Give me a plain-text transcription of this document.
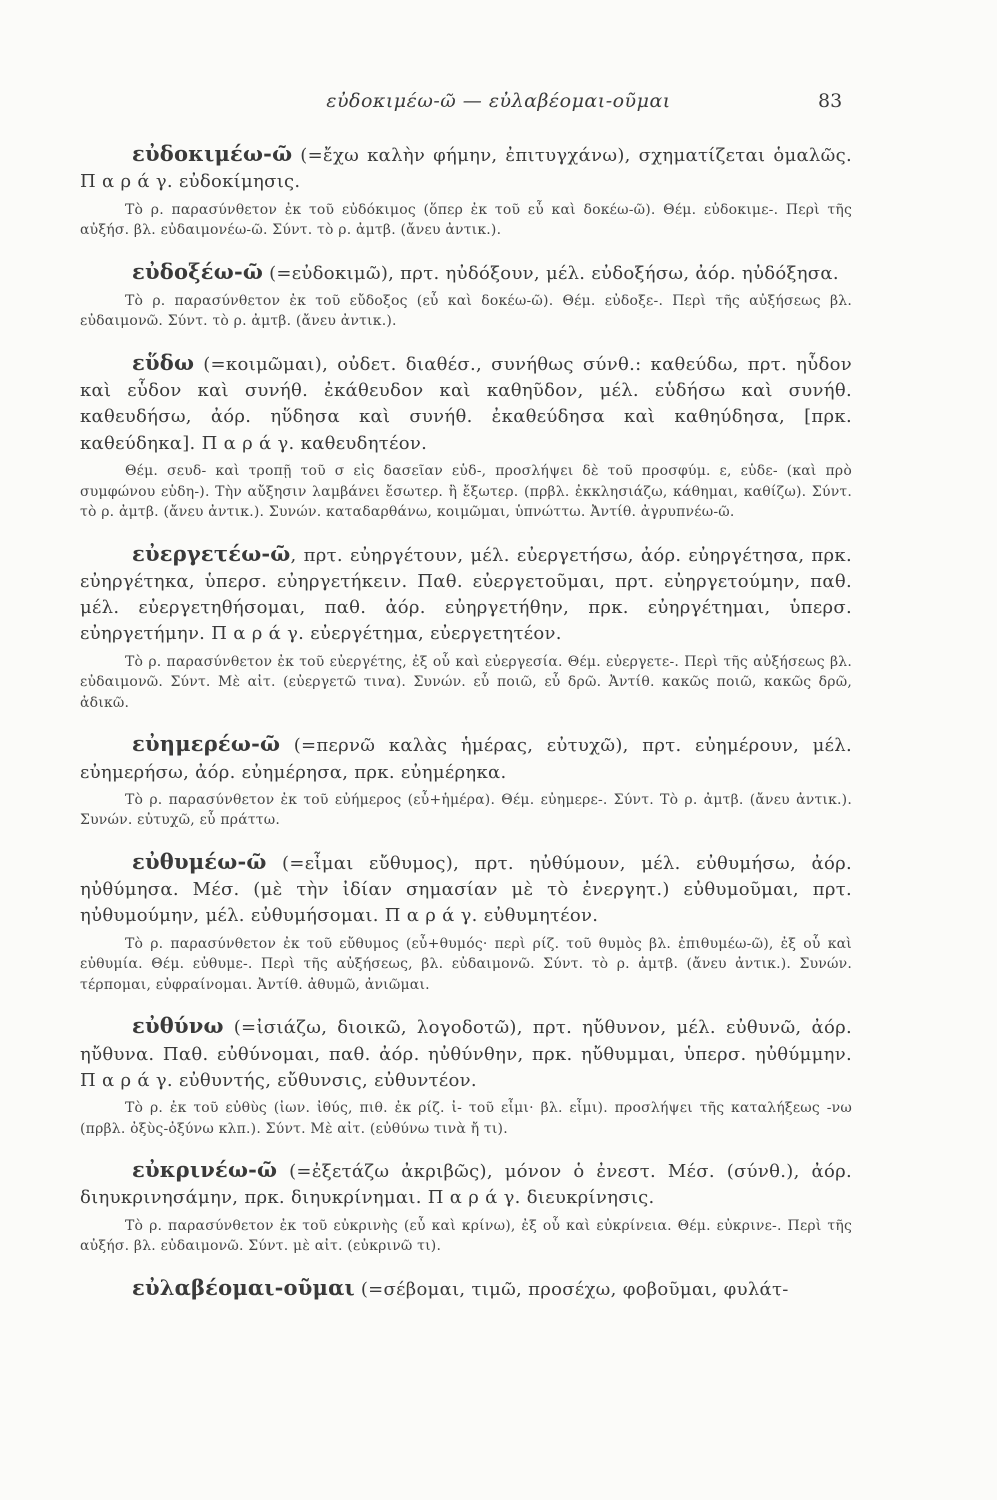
εὐδοκιμέω-ῶ — εὐλαβέομαι-οῦμαι	83

εὐδοκιμέω-ῶ (=ἔχω καλὴν φήμην, ἐπιτυγχάνω), σχηματίζεται ὁμαλῶς. Π α ρ ά γ. εὐδοκίμησις.

Τὸ ρ. παρασύνθετον ἐκ τοῦ εὐδόκιμος (ὅπερ ἐκ τοῦ εὖ καὶ δοκέω-ῶ). Θέμ. εὐδοκιμε-. Περὶ τῆς αὐξήσ. βλ. εὐδαιμονέω-ῶ. Σύντ. τὸ ρ. ἀμτβ. (ἄνευ ἀντικ.).

εὐδοξέω-ῶ (=εὐδοκιμῶ), πρτ. ηὐδόξουν, μέλ. εὐδοξήσω, ἀόρ. ηὐδόξησα.

Τὸ ρ. παρασύνθετον ἐκ τοῦ εὔδοξος (εὖ καὶ δοκέω-ῶ). Θέμ. εὐδοξε-. Περὶ τῆς αὐξήσεως βλ. εὐδαιμονῶ. Σύντ. τὸ ρ. ἀμτβ. (ἄνευ ἀντικ.).

εὕδω (=κοιμῶμαι), οὐδετ. διαθέσ., συνήθως σύνθ.: καθεύδω, πρτ. ηὗδον καὶ εὗδον καὶ συνήθ. ἐκάθευδον καὶ καθηῦδον, μέλ. εὑδήσω καὶ συνήθ. καθευδήσω, ἀόρ. ηὕδησα καὶ συνήθ. ἐκαθεύδησα καὶ καθηύδησα, [πρκ. καθεύδηκα]. Π α ρ ά γ. καθευδητέον.

Θέμ. σευδ- καὶ τροπῇ τοῦ σ εἰς δασεῖαν εὑδ-, προσλήψει δὲ τοῦ προσφύμ. ε, εὑδε- (καὶ πρὸ συμφώνου εὑδη-). Τὴν αὔξησιν λαμβάνει ἔσωτερ. ἢ ἔξωτερ. (πρβλ. ἐκκλησιάζω, κάθημαι, καθίζω). Σύντ. τὸ ρ. ἀμτβ. (ἄνευ ἀντικ.). Συνών. καταδαρθάνω, κοιμῶμαι, ὑπνώττω. Ἀντίθ. ἀγρυπνέω-ῶ.

εὐεργετέω-ῶ, πρτ. εὐηργέτουν, μέλ. εὐεργετήσω, ἀόρ. εὐηργέτησα, πρκ. εὐηργέτηκα, ὑπερσ. εὐηργετήκειν. Παθ. εὐεργετοῦμαι, πρτ. εὐηργετούμην, παθ. μέλ. εὐεργετηθήσομαι, παθ. ἀόρ. εὐηργετήθην, πρκ. εὐηργέτημαι, ὑπερσ. εὐηργετήμην. Π α ρ ά γ. εὐεργέτημα, εὐεργετητέον.

Τὸ ρ. παρασύνθετον ἐκ τοῦ εὐεργέτης, ἐξ οὗ καὶ εὐεργεσία. Θέμ. εὐεργετε-. Περὶ τῆς αὐξήσεως βλ. εὐδαιμονῶ. Σύντ. Μὲ αἰτ. (εὐεργετῶ τινα). Συνών. εὖ ποιῶ, εὖ δρῶ. Ἀντίθ. κακῶς ποιῶ, κακῶς δρῶ, ἀδικῶ.

εὐημερέω-ῶ (=περνῶ καλὰς ἡμέρας, εὐτυχῶ), πρτ. εὐημέρουν, μέλ. εὐημερήσω, ἀόρ. εὐημέρησα, πρκ. εὐημέρηκα.

Τὸ ρ. παρασύνθετον ἐκ τοῦ εὐήμερος (εὖ+ἡμέρα). Θέμ. εὐημερε-. Σύντ. Τὸ ρ. ἀμτβ. (ἄνευ ἀντικ.). Συνών. εὐτυχῶ, εὖ πράττω.

εὐθυμέω-ῶ (=εἶμαι εὔθυμος), πρτ. ηὐθύμουν, μέλ. εὐθυμήσω, ἀόρ. ηὐθύμησα. Μέσ. (μὲ τὴν ἰδίαν σημασίαν μὲ τὸ ἐνεργητ.) εὐθυμοῦμαι, πρτ. ηὐθυμούμην, μέλ. εὐθυμήσομαι. Π α ρ ά γ. εὐθυμητέον.

Τὸ ρ. παρασύνθετον ἐκ τοῦ εὔθυμος (εὖ+θυμός· περὶ ρίζ. τοῦ θυμὸς βλ. ἐπιθυμέω-ῶ), ἐξ οὗ καὶ εὐθυμία. Θέμ. εὐθυμε-. Περὶ τῆς αὐξήσεως, βλ. εὐδαιμονῶ. Σύντ. τὸ ρ. ἀμτβ. (ἄνευ ἀντικ.). Συνών. τέρπομαι, εὐφραίνομαι. Ἀντίθ. ἀθυμῶ, ἀνιῶμαι.

εὐθύνω (=ἰσιάζω, διοικῶ, λογοδοτῶ), πρτ. ηὔθυνον, μέλ. εὐθυνῶ, ἀόρ. ηὔθυνα. Παθ. εὐθύνομαι, παθ. ἀόρ. ηὐθύνθην, πρκ. ηὔθυμμαι, ὑπερσ. ηὐθύμμην. Π α ρ ά γ. εὐθυντής, εὔθυνσις, εὐθυντέον.

Τὸ ρ. ἐκ τοῦ εὐθὺς (ἰων. ἰθύς, πιθ. ἐκ ρίζ. ἰ- τοῦ εἶμι· βλ. εἶμι). προσλήψει τῆς καταλήξεως -νω (πρβλ. ὀξὺς-ὀξύνω κλπ.). Σύντ. Μὲ αἰτ. (εὐθύνω τινὰ ἤ τι).

εὐκρινέω-ῶ (=ἐξετάζω ἀκριβῶς), μόνον ὁ ἐνεστ. Μέσ. (σύνθ.), ἀόρ. διηυκρινησάμην, πρκ. διηυκρίνημαι. Π α ρ ά γ. διευκρίνησις.

Τὸ ρ. παρασύνθετον ἐκ τοῦ εὐκρινὴς (εὖ καὶ κρίνω), ἐξ οὗ καὶ εὐκρίνεια. Θέμ. εὐκρινε-. Περὶ τῆς αὐξήσ. βλ. εὐδαιμονῶ. Σύντ. μὲ αἰτ. (εὐκρινῶ τι).

εὐλαβέομαι-οῦμαι (=σέβομαι, τιμῶ, προσέχω, φοβοῦμαι, φυλάτ-
